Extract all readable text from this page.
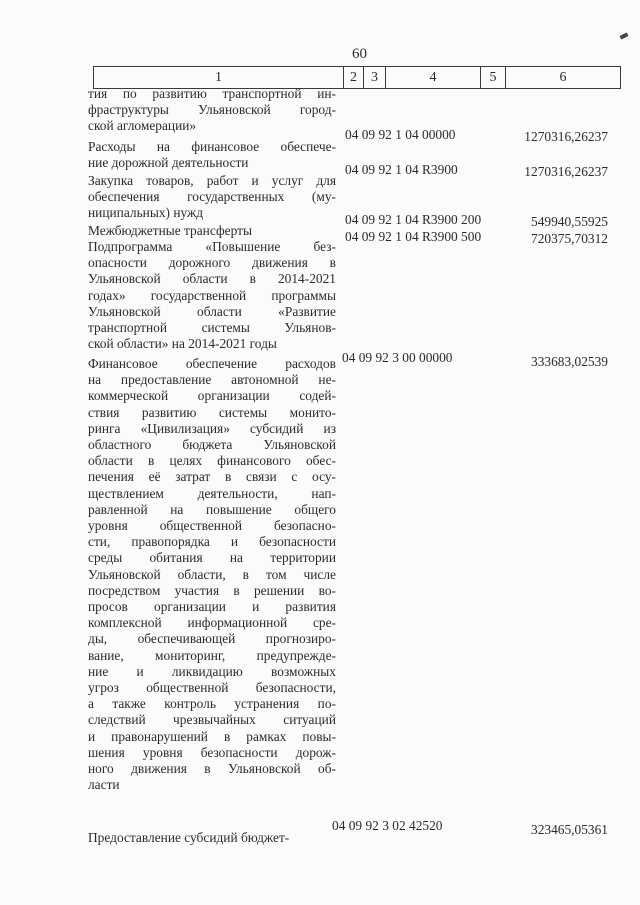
60
1	2	3	4	5	6
тия по развитию транспортной ин-
фраструктуры Ульяновской город-
ской агломерации»
Расходы на финансовое обеспече-
ние дорожной деятельности
04 09 92 1 04 00000	1270316,26237
Закупка товаров, работ и услуг для
обеспечения государственных (му-
ниципальных) нужд
04 09 92 1 04 R3900	1270316,26237
Межбюджетные трансферты
04 09 92 1 04 R3900 200	549940,55925
Подпрограмма «Повышение без-
опасности дорожного движения в
Ульяновской области в 2014-2021
годах» государственной программы
Ульяновской области «Развитие
транспортной системы Ульянов-
ской области» на 2014-2021 годы
04 09 92 1 04 R3900 500	720375,70312
Финансовое обеспечение расходов
на предоставление автономной не-
коммерческой организации содей-
ствия развитию системы монито-
ринга «Цивилизация» субсидий из
областного бюджета Ульяновской
области в целях финансового обес-
печения её затрат в связи с осу-
ществлением деятельности, нап-
равленной на повышение общего
уровня общественной безопасно-
сти, правопорядка и безопасности
среды обитания на территории
Ульяновской области, в том числе
посредством участия в решении во-
просов организации и развития
комплексной информационной сре-
ды, обеспечивающей прогнозиро-
вание, мониторинг, предупрежде-
ние и ликвидацию возможных
угроз общественной безопасности,
а также контроль устранения по-
следствий чрезвычайных ситуаций
и правонарушений в рамках повы-
шения уровня безопасности дорож-
ного движения в Ульяновской об-
ласти
04 09 92 3 00 00000	333683,02539
Предоставление субсидий бюджет-
04 09 92 3 02 42520	323465,05361
